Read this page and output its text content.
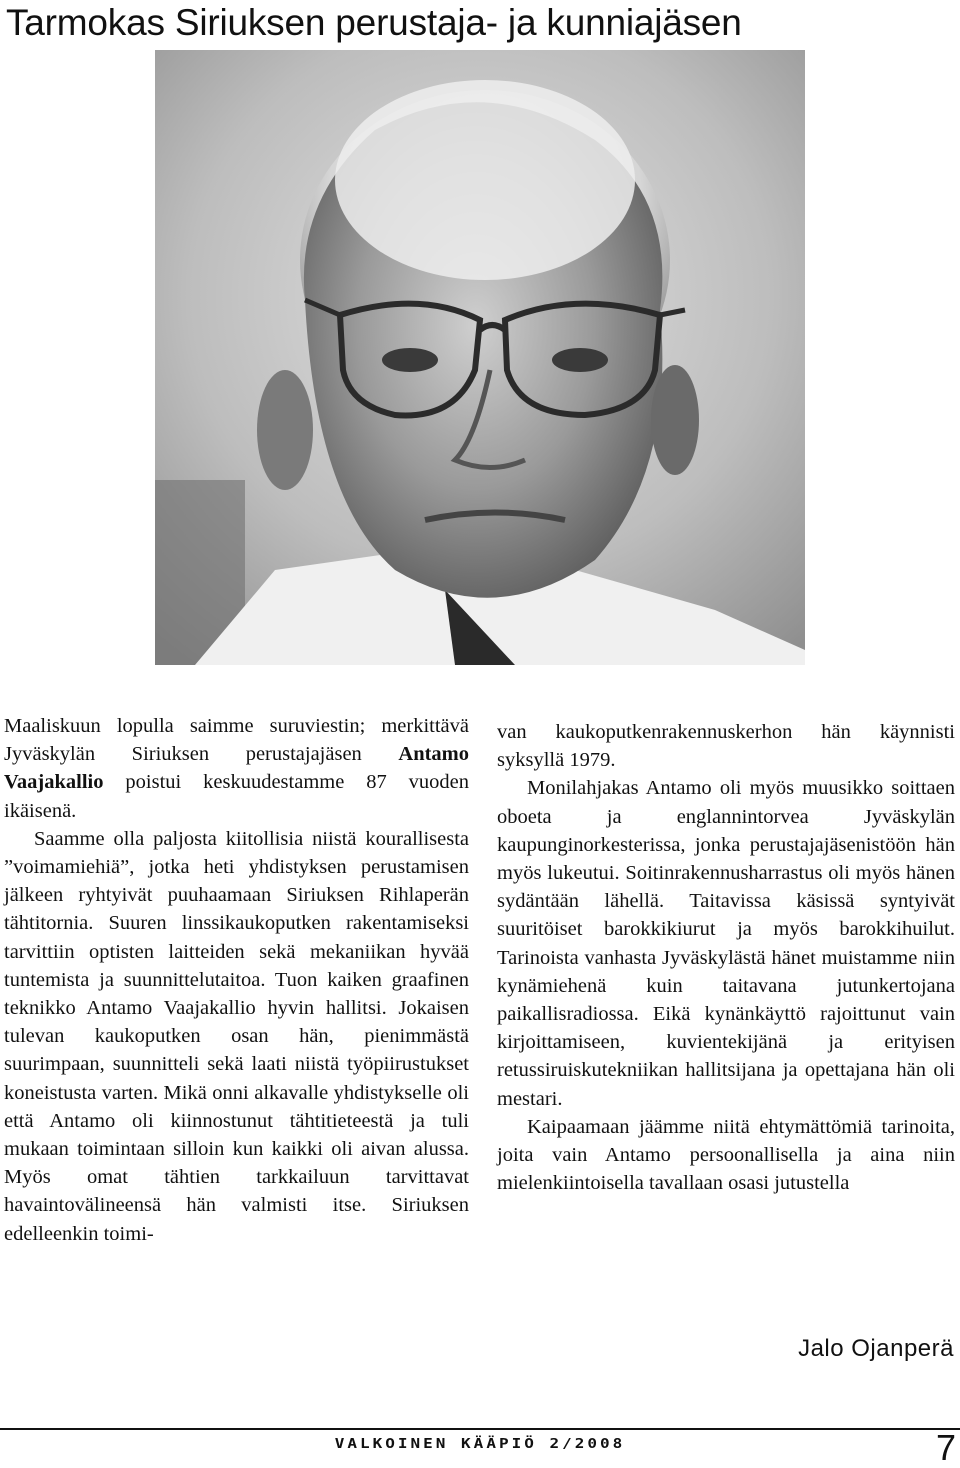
Tarmokas Siriuksen perustaja- ja kunniajäsen

Maaliskuun lopulla saimme suruviestin; merkittävä Jyväskylän Siriuksen perustajajäsen Antamo Vaajakallio poistui keskuudestamme 87 vuoden ikäisenä.

Saamme olla paljosta kiitollisia niistä kourallisesta ”voimamiehiä”, jotka heti yhdistyksen perustamisen jälkeen ryhtyivät puuhaamaan Siriuksen Rihlaperän tähtitornia. Suuren linssikaukoputken rakentamiseksi tarvittiin optisten laitteiden sekä mekaniikan hyvää tuntemista ja suunnittelutaitoa. Tuon kaiken graafinen teknikko Antamo Vaajakallio hyvin hallitsi. Jokaisen tulevan kaukoputken osan hän, pienimmästä suurimpaan, suunnitteli sekä laati niistä työpiirustukset koneistusta varten. Mikä onni alkavalle yhdistykselle oli että Antamo oli kiinnostunut tähtitieteestä ja tuli mukaan toimintaan silloin kun kaikki oli aivan alussa. Myös omat tähtien tarkkailuun tarvittavat havaintovälineensä hän valmisti itse. Siriuksen edelleenkin toimi-

van kaukoputkenrakennuskerhon hän käynnisti syksyllä 1979.

Monilahjakas Antamo oli myös muusikko soittaen oboeta ja englannintorvea Jyväskylän kaupunginorkesterissa, jonka perustajajäsenistöön hän myös lukeutui. Soitinrakennusharrastus oli myös hänen sydäntään lähellä. Taitavissa käsissä syntyivät suuritöiset barokkikiurut ja myös barokkihuilut. Tarinoista vanhasta Jyväskylästä hänet muistamme niin kynämiehenä kuin taitavana jutunkertojana paikallisradiossa. Eikä kynänkäyttö rajoittunut vain kirjoittamiseen, kuvientekijänä ja erityisen retussiruiskutekniikan hallitsijana ja opettajana hän oli mestari.

Kaipaamaan jäämme niitä ehtymättömiä tarinoita, joita vain Antamo persoonallisella ja aina niin mielenkiintoisella tavallaan osasi jutustella

Jalo Ojanperä
VALKOINEN KÄÄPIÖ 2/2008	7
